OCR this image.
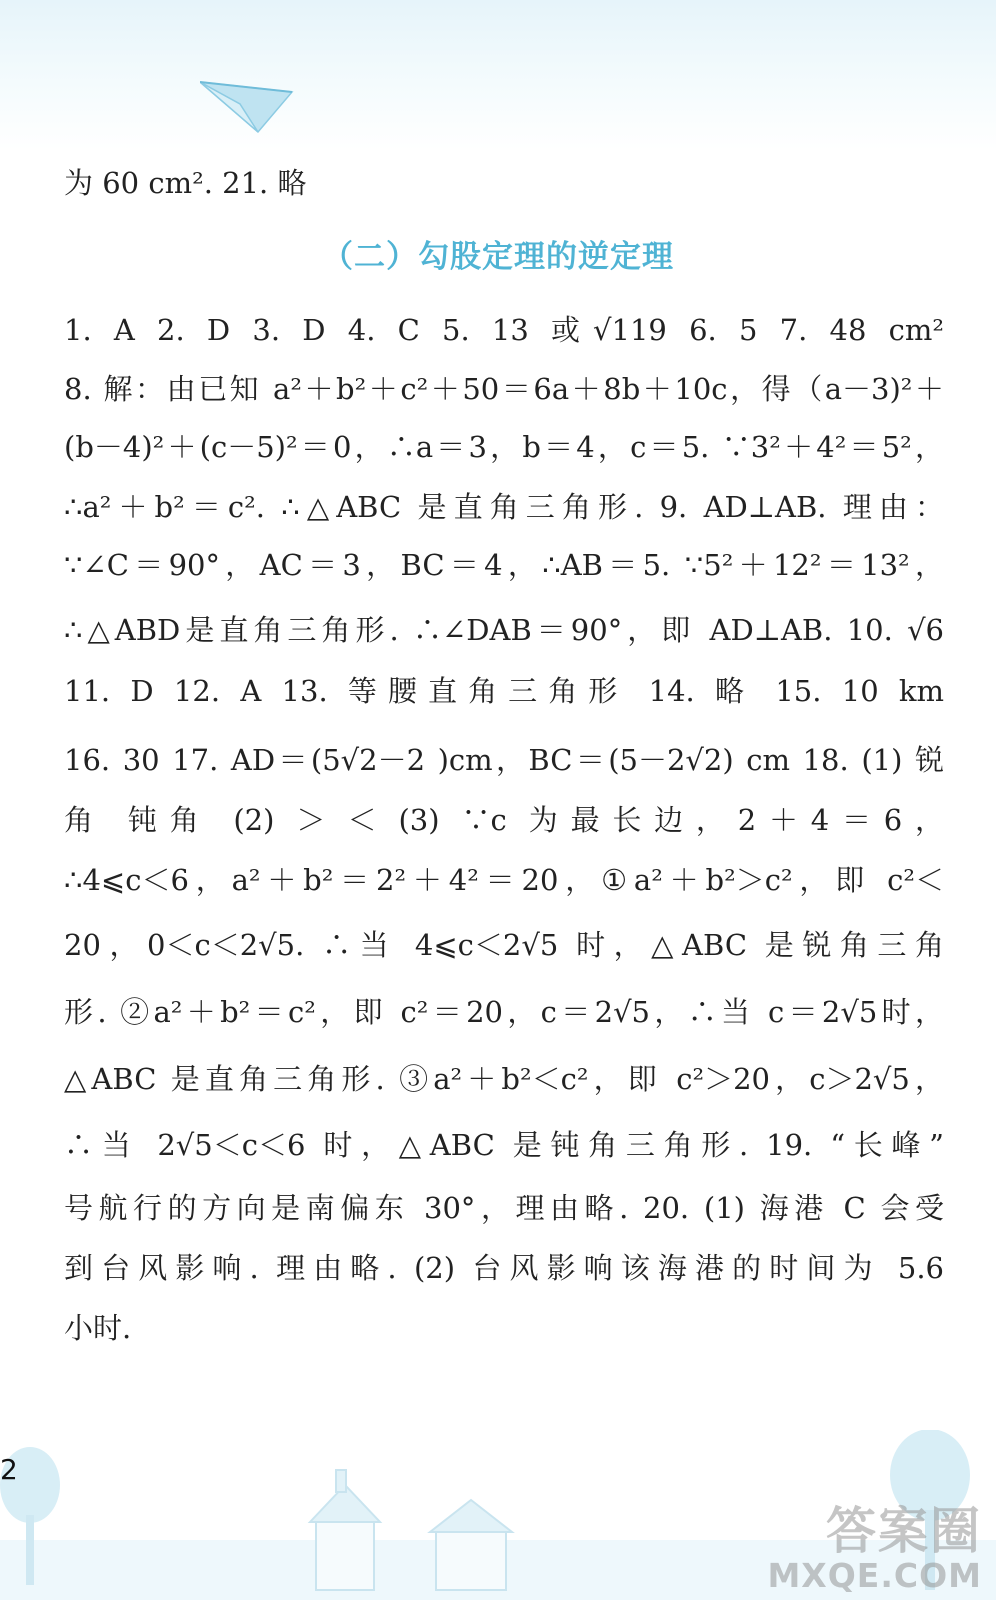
为 60 cm². 21. 略
（二）勾股定理的逆定理
1. A 2. D 3. D 4. C 5. 13 或√119 6. 5 7. 48 cm²
8. 解：由已知 a²＋b²＋c²＋50＝6a＋8b＋10c，得（a－3)²＋
(b－4)²＋(c－5)²＝0，∴a＝3，b＝4，c＝5. ∵3²＋4²＝5²，
∴a²＋b²＝c². ∴△ABC 是直角三角形. 9. AD⊥AB. 理由：
∵∠C＝90°，AC＝3，BC＝4，∴AB＝5. ∵5²＋12²＝13²，
∴△ABD是直角三角形. ∴∠DAB＝90°，即 AD⊥AB. 10. √6
11. D 12. A 13. 等腰直角三角形 14. 略 15. 10 km
16. 30 17. AD＝(5√2－2 )cm，BC＝(5－2√2) cm 18. (1) 锐
角 钝角 (2) ＞ ＜ (3) ∵c 为最长边，2＋4＝6，
∴4⩽c＜6，a²＋b²＝2²＋4²＝20，①a²＋b²＞c²，即 c²＜
20，0＜c＜2√5. ∴当 4⩽c＜2√5 时，△ABC 是锐角三角
形. ②a²＋b²＝c²，即 c²＝20，c＝2√5，∴当 c＝2√5时，
△ABC 是直角三角形. ③a²＋b²＜c²，即 c²＞20，c＞2√5，
∴当 2√5＜c＜6 时，△ABC 是钝角三角形. 19. “长峰”
号航行的方向是南偏东 30°，理由略. 20. (1) 海港 C 会受
到台风影响. 理由略. (2) 台风影响该海港的时间为 5.6
小时.
2
答案圈
MXQE.COM
